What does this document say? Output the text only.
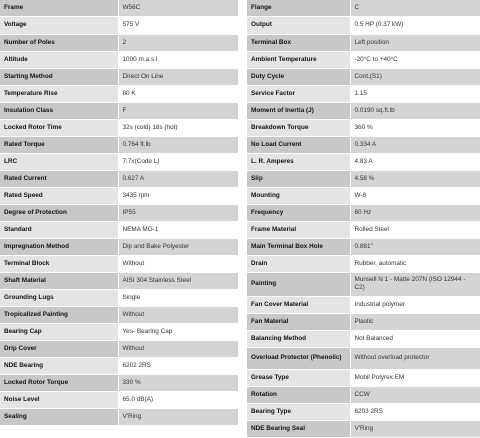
Frame	W56C
Voltage	575 V
Number of Poles	2
Altitude	1000 m.a.s.l.
Starting Method	Direct On Line
Temperature Rise	80 K
Insulation Class	F
Locked Rotor Time	32s (cold) 18s (hot)
Rated Torque	0.764 ft.lb
LRC	7.7x(Code L)
Rated Current	0.627 A
Rated Speed	3435 rpm
Degree of Protection	IP55
Standard	NEMA MG-1
Impregnation Method	Dip and Bake Polyester
Terminal Block	Without
Shaft Material	AISI 304 Stainless Steel
Grounding Lugs	Single
Tropicalized Painting	Without
Bearing Cap	Yes- Bearing Cap
Drip Cover	Without
NDE Bearing	6202 2RS
Locked Rotor Torque	330 %
Noise Level	65.0 dB(A)
Sealing	V'Ring
Flange	C
Output	0.5 HP (0.37 kW)
Terminal Box	Left position
Ambient Temperature	-20°C to +40°C
Duty Cycle	Cont.(S1)
Service Factor	1.15
Moment of Inertia (J)	0.0190 sq.ft.lb
Breakdown Torque	360 %
No Load Current	0.334 A
L. R. Amperes	4.83 A
Slip	4.58 %
Mounting	W-6
Frequency	60 Hz
Frame Material	Rolled Steel
Main Terminal Box Hole	0.881"
Drain	Rubber, automatic
Painting	Munsell N 1 - Matte 207N (ISO 12944 - C2)
Fan Cover Material	Industrial polymer
Fan Material	Plastic
Balancing Method	Not Balanced
Overload Protector (Phenolic)	Without overload protector
Grease Type	Mobil Polyrex EM
Rotation	CCW
Bearing Type	6203 2RS
NDE Bearing Seal	V'Ring
